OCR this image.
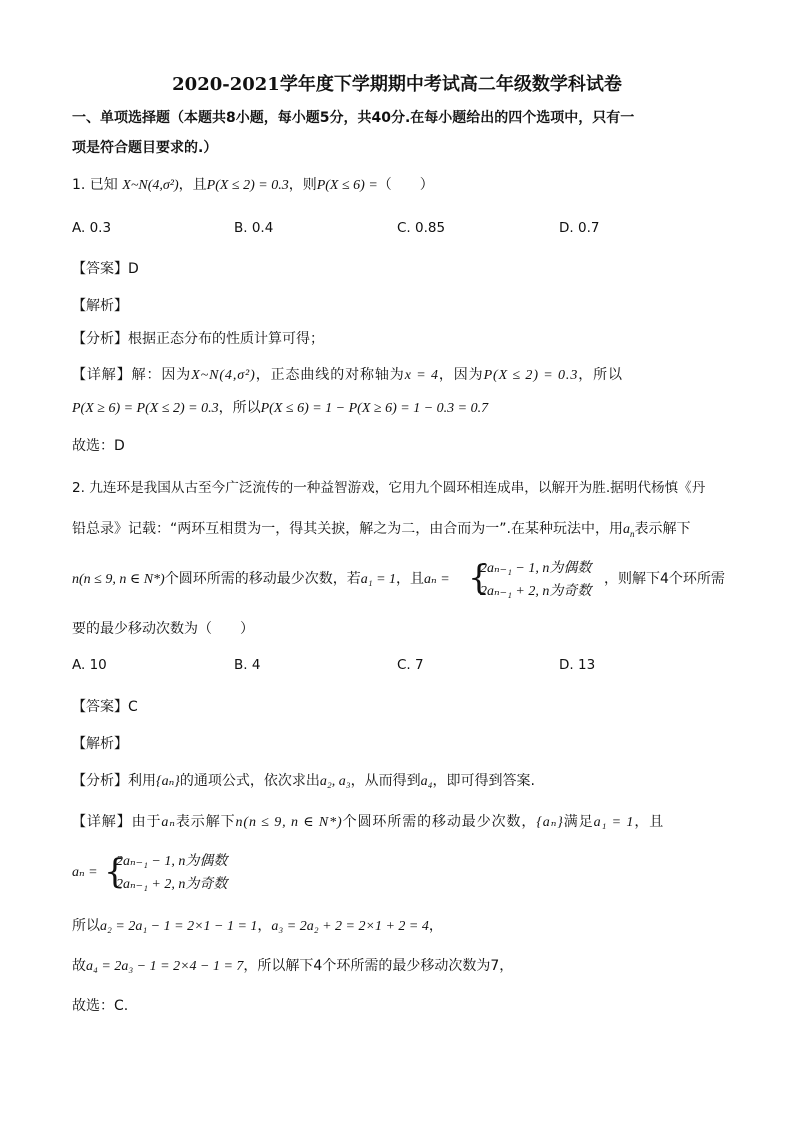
2020-2021学年度下学期期中考试高二年级数学科试卷
一、单项选择题（本题共8小题，每小题5分，共40分.在每小题给出的四个选项中，只有一
项是符合题目要求的.）
1. 已知 X~N(4,σ²)，且P(X ≤ 2) = 0.3，则P(X ≤ 6) =（　　）
A. 0.3	B. 0.4	C. 0.85	D. 0.7
【答案】D
【解析】
【分析】根据正态分布的性质计算可得；
【详解】解：因为X~N(4,σ²)，正态曲线的对称轴为x = 4，因为P(X ≤ 2) = 0.3，所以
P(X ≥ 6) = P(X ≤ 2) = 0.3，所以P(X ≤ 6) = 1 − P(X ≥ 6) = 1 − 0.3 = 0.7
故选：D
2. 九连环是我国从古至今广泛流传的一种益智游戏，它用九个圆环相连成串，以解开为胜.据明代杨慎《丹
铅总录》记载：“两环互相贯为一，得其关捩，解之为二，由合而为一”.在某种玩法中，用$a_n$表示解下
n(n ≤ 9, n ∈ N*)个圆环所需的移动最少次数，若a₁ = 1，且aₙ = {
2aₙ₋₁ − 1, n为偶数
2aₙ₋₁ + 2, n为奇数
，则解下4个环所需
要的最少移动次数为（　　）
A. 10	B. 4	C. 7	D. 13
【答案】C
【解析】
【分析】利用{aₙ}的通项公式，依次求出a₂, a₃，从而得到a₄，即可得到答案.
【详解】由于aₙ表示解下n(n ≤ 9, n ∈ N*)个圆环所需的移动最少次数，{aₙ}满足a₁ = 1，且
aₙ = {
2aₙ₋₁ − 1, n为偶数
2aₙ₋₁ + 2, n为奇数
所以a₂ = 2a₁ − 1 = 2×1 − 1 = 1，a₃ = 2a₂ + 2 = 2×1 + 2 = 4，
故a₄ = 2a₃ − 1 = 2×4 − 1 = 7，所以解下4个环所需的最少移动次数为7，
故选：C.
